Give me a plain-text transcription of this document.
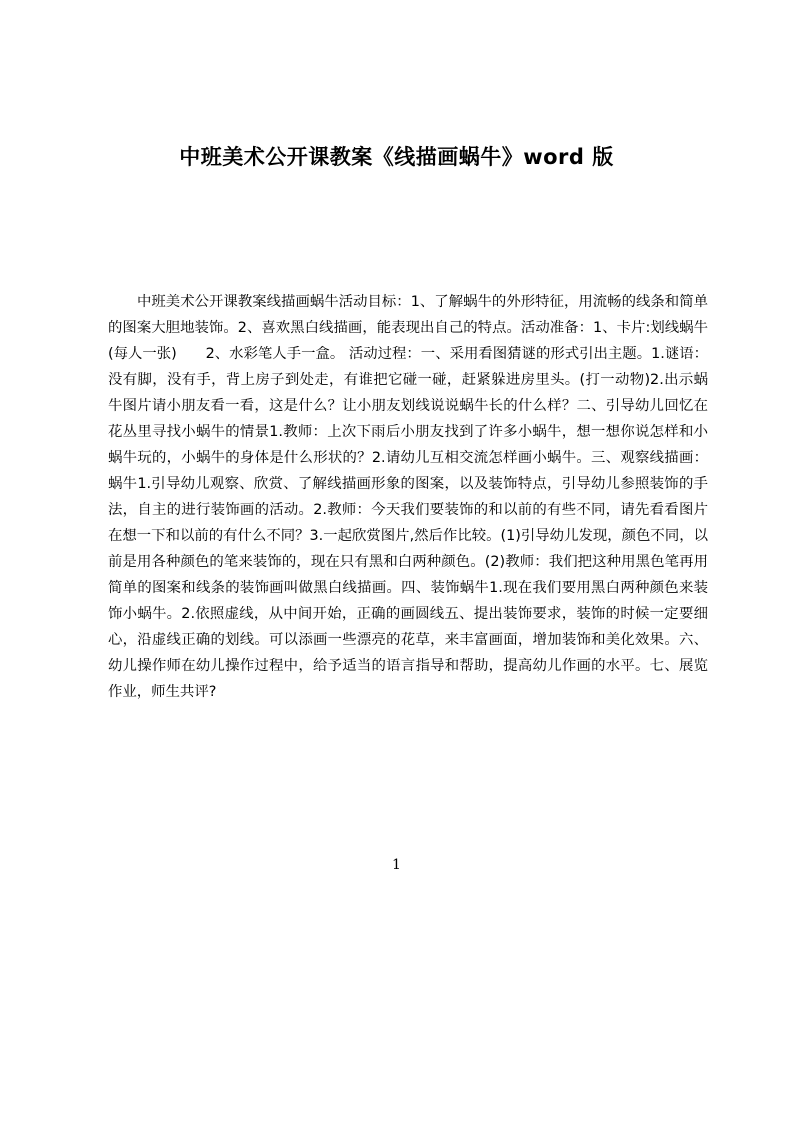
中班美术公开课教案《线描画蜗牛》word 版

中班美术公开课教案线描画蜗牛活动目标：1、了解蜗牛的外形特征，用流畅的线条和简单的图案大胆地装饰。2、喜欢黑白线描画，能表现出自己的特点。活动准备：1、卡片:划线蜗牛(每人一张)　　2、水彩笔人手一盒。 活动过程：一、采用看图猜谜的形式引出主题。1.谜语：没有脚，没有手，背上房子到处走，有谁把它碰一碰，赶紧躲进房里头。(打一动物)2.出示蜗牛图片请小朋友看一看，这是什么？让小朋友划线说说蜗牛长的什么样？二、引导幼儿回忆在花丛里寻找小蜗牛的情景1.教师：上次下雨后小朋友找到了许多小蜗牛，想一想你说怎样和小蜗牛玩的，小蜗牛的身体是什么形状的？2.请幼儿互相交流怎样画小蜗牛。三、观察线描画：蜗牛1.引导幼儿观察、欣赏、了解线描画形象的图案，以及装饰特点，引导幼儿参照装饰的手法，自主的进行装饰画的活动。2.教师：今天我们要装饰的和以前的有些不同，请先看看图片在想一下和以前的有什么不同？3.一起欣赏图片,然后作比较。(1)引导幼儿发现，颜色不同，以前是用各种颜色的笔来装饰的，现在只有黑和白两种颜色。(2)教师：我们把这种用黑色笔再用简单的图案和线条的装饰画叫做黑白线描画。四、装饰蜗牛1.现在我们要用黑白两种颜色来装饰小蜗牛。2.依照虚线，从中间开始，正确的画圆线五、提出装饰要求，装饰的时候一定要细心，沿虚线正确的划线。可以添画一些漂亮的花草，来丰富画面，增加装饰和美化效果。六、幼儿操作师在幼儿操作过程中，给予适当的语言指导和帮助，提高幼儿作画的水平。七、展览作业，师生共评?

1
